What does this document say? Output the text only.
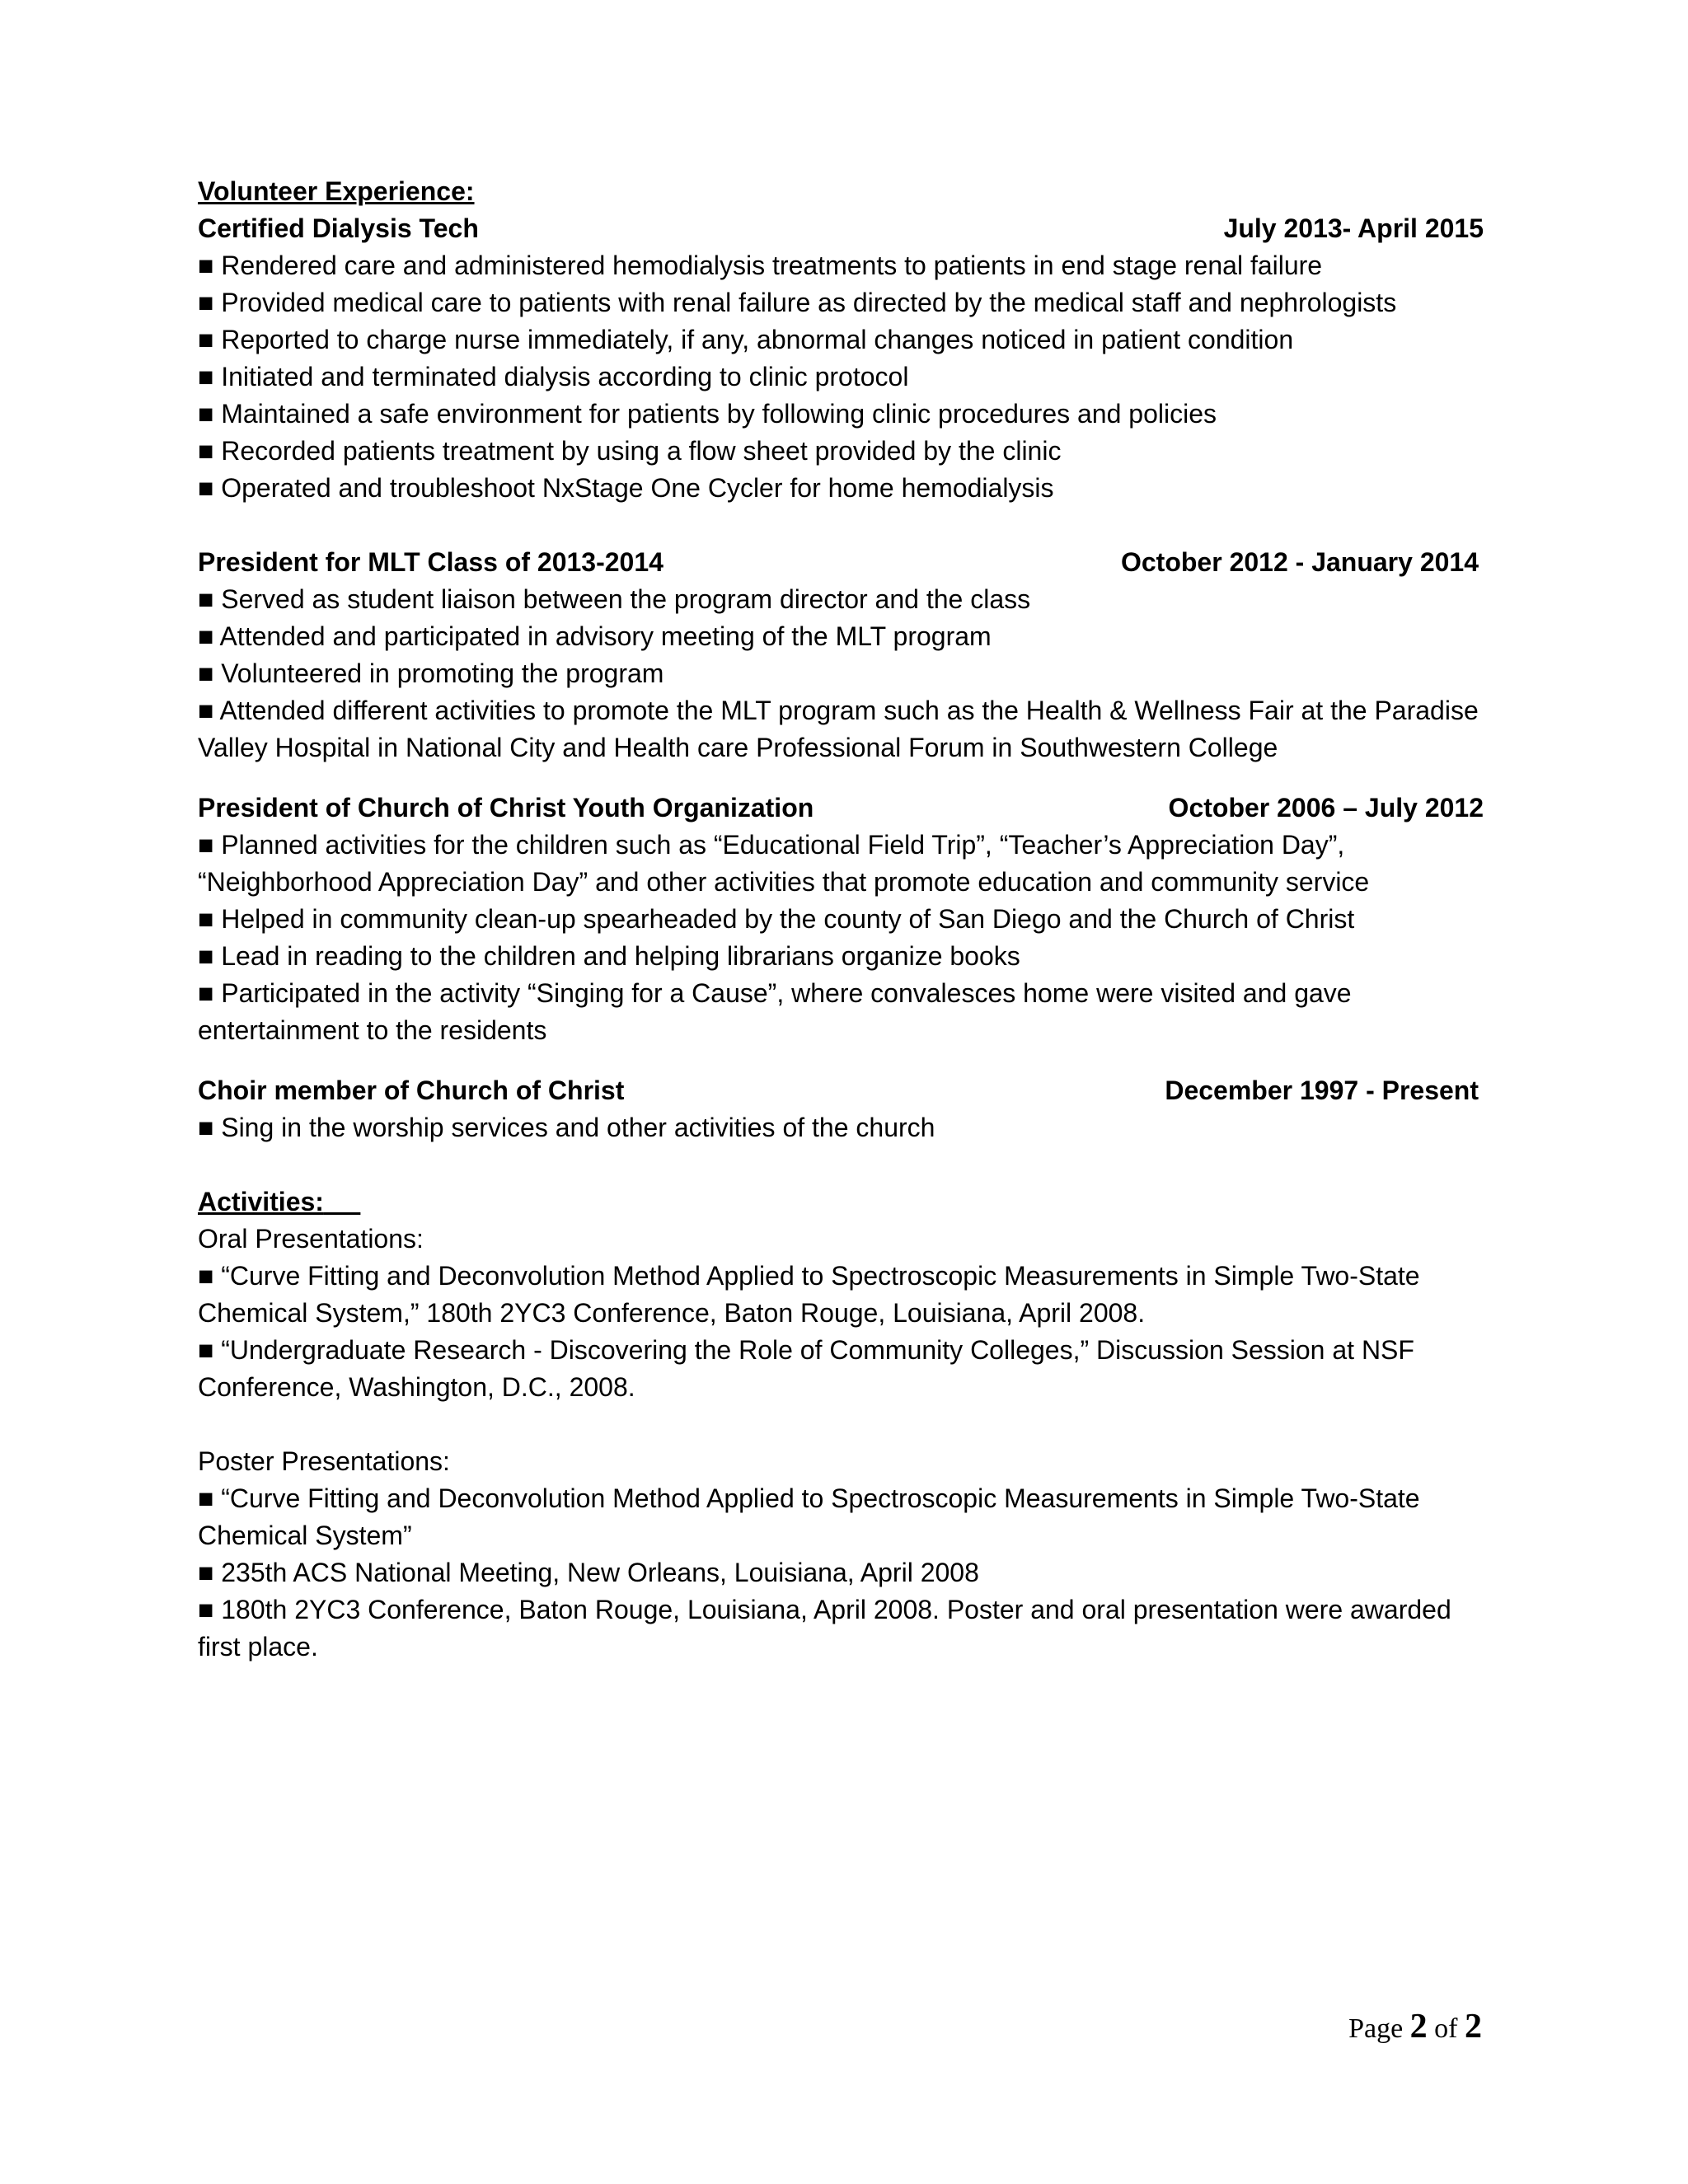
Volunteer Experience:

Certified Dialysis Tech	July 2013- April 2015

■ Rendered care and administered hemodialysis treatments to patients in end stage renal failure

■ Provided medical care to patients with renal failure as directed by the medical staff and nephrologists

■ Reported to charge nurse immediately, if any, abnormal changes noticed in patient condition

■ Initiated and terminated dialysis according to clinic protocol

■ Maintained a safe environment for patients by following clinic procedures and policies

■ Recorded patients treatment by using a flow sheet provided by the clinic

■ Operated and troubleshoot NxStage One Cycler for home hemodialysis

President for MLT Class of 2013-2014	October 2012 - January 2014

■ Served as student liaison between the program director and the class

■ Attended and participated in advisory meeting of the MLT program

■ Volunteered in promoting the program

■ Attended different activities to promote the MLT program such as the Health & Wellness Fair at the Paradise Valley Hospital in National City and Health care Professional Forum in Southwestern College

President of Church of Christ Youth Organization	October 2006 – July 2012

■ Planned activities for the children such as “Educational Field Trip”, “Teacher’s Appreciation Day”, “Neighborhood Appreciation Day” and other activities that promote education and community service

■ Helped in community clean-up spearheaded by the county of San Diego and the Church of Christ

■ Lead in reading to the children and helping librarians organize books

■ Participated in the activity “Singing for a Cause”, where convalesces home were visited and gave entertainment to the residents

Choir member of Church of Christ	December 1997 - Present

■ Sing in the worship services and other activities of the church

Activities:

Oral Presentations:

■ “Curve Fitting and Deconvolution Method Applied to Spectroscopic Measurements in Simple Two-State Chemical System,” 180th 2YC3 Conference, Baton Rouge, Louisiana, April 2008.

■ “Undergraduate Research - Discovering the Role of Community Colleges,” Discussion Session at NSF Conference, Washington, D.C., 2008.

Poster Presentations:

■ “Curve Fitting and Deconvolution Method Applied to Spectroscopic Measurements in Simple Two-State Chemical System”

■ 235th ACS National Meeting, New Orleans, Louisiana, April 2008

■ 180th 2YC3 Conference, Baton Rouge, Louisiana, April 2008. Poster and oral presentation were awarded first place.

Page 2 of 2
